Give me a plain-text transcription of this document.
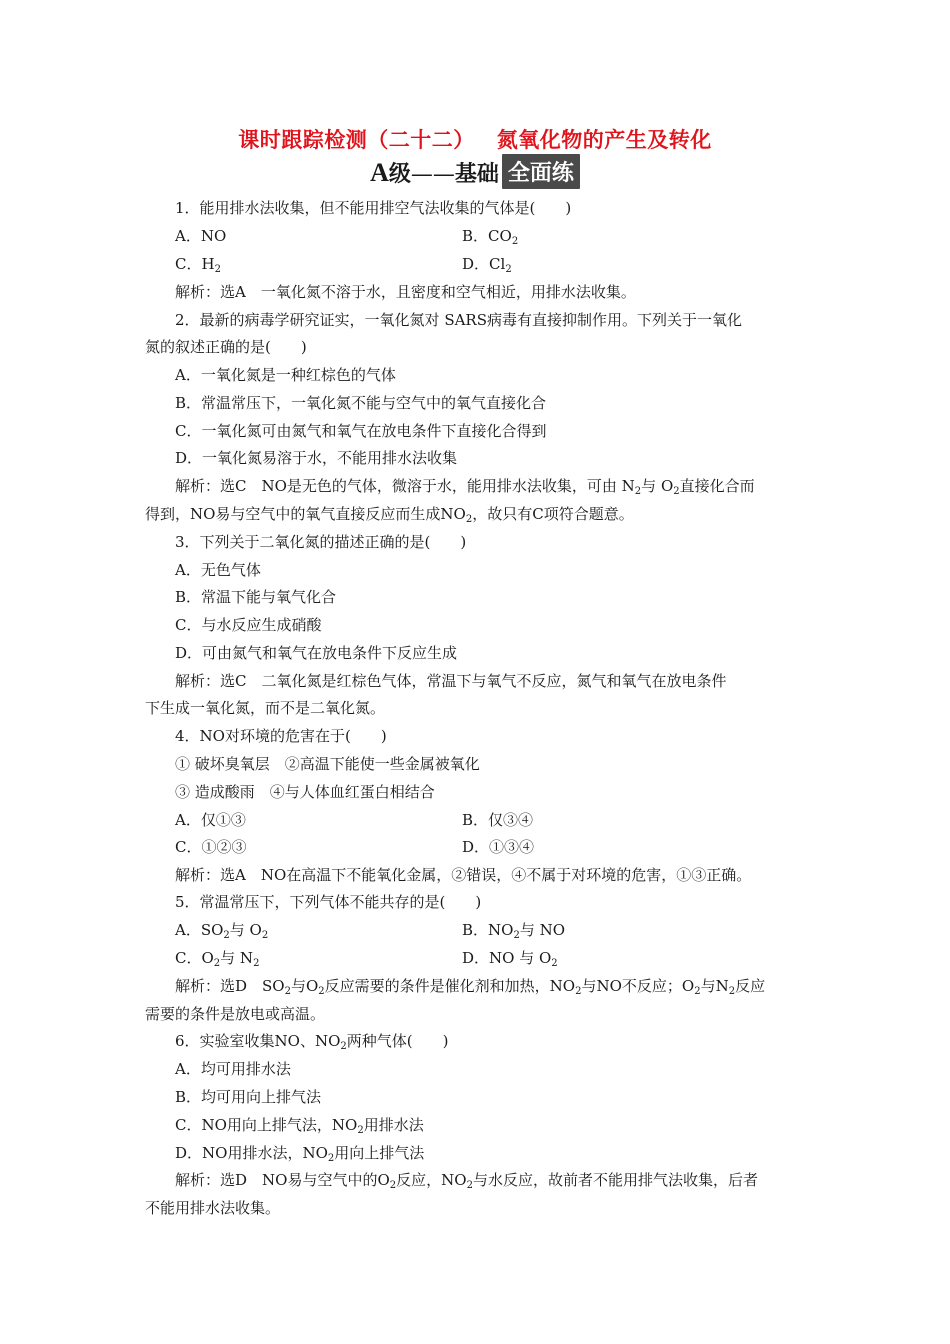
课时跟踪检测（二十二） 氮氧化物的产生及转化
A级——基础 全面练
1．能用排水法收集，但不能用排空气法收集的气体是(　　)
A．NO	B．$CO_2$
C．$H_2$	D．$Cl_2$
解析：选A　一氧化氮不溶于水，且密度和空气相近，用排水法收集。
2．最新的病毒学研究证实，一氧化氮对 SARS病毒有直接抑制作用。下列关于一氧化
氮的叙述正确的是(　　)
A．一氧化氮是一种红棕色的气体
B．常温常压下，一氧化氮不能与空气中的氧气直接化合
C．一氧化氮可由氮气和氧气在放电条件下直接化合得到
D．一氧化氮易溶于水，不能用排水法收集
解析：选C　NO是无色的气体，微溶于水，能用排水法收集，可由 $N_2$与 $O_2$直接化合而
得到，NO易与空气中的氧气直接反应而生成$NO_2$，故只有C项符合题意。
3．下列关于二氧化氮的描述正确的是(　　)
A．无色气体
B．常温下能与氧气化合
C．与水反应生成硝酸
D．可由氮气和氧气在放电条件下反应生成
解析：选C　二氧化氮是红棕色气体，常温下与氧气不反应，氮气和氧气在放电条件
下生成一氧化氮，而不是二氧化氮。
4．NO对环境的危害在于(　　)
① 破坏臭氧层　②高温下能使一些金属被氧化
③ 造成酸雨　④与人体血红蛋白相结合
A．仅①③	B．仅③④
C．①②③	D．①③④
解析：选A　NO在高温下不能氧化金属，②错误，④不属于对环境的危害，①③正确。
5．常温常压下，下列气体不能共存的是(　　)
A．$SO_2$与 $O_2$	B．$NO_2$与 NO
C．$O_2$与 $N_2$	D．NO 与 $O_2$
解析：选D　$SO_2$与$O_2$反应需要的条件是催化剂和加热，$NO_2$与NO不反应；$O_2$与$N_2$反应
需要的条件是放电或高温。
6．实验室收集NO、$NO_2$两种气体(　　)
A．均可用排水法
B．均可用向上排气法
C．NO用向上排气法，$NO_2$用排水法
D．NO用排水法，$NO_2$用向上排气法
解析：选D　NO易与空气中的$O_2$反应，$NO_2$与水反应，故前者不能用排气法收集，后者
不能用排水法收集。
